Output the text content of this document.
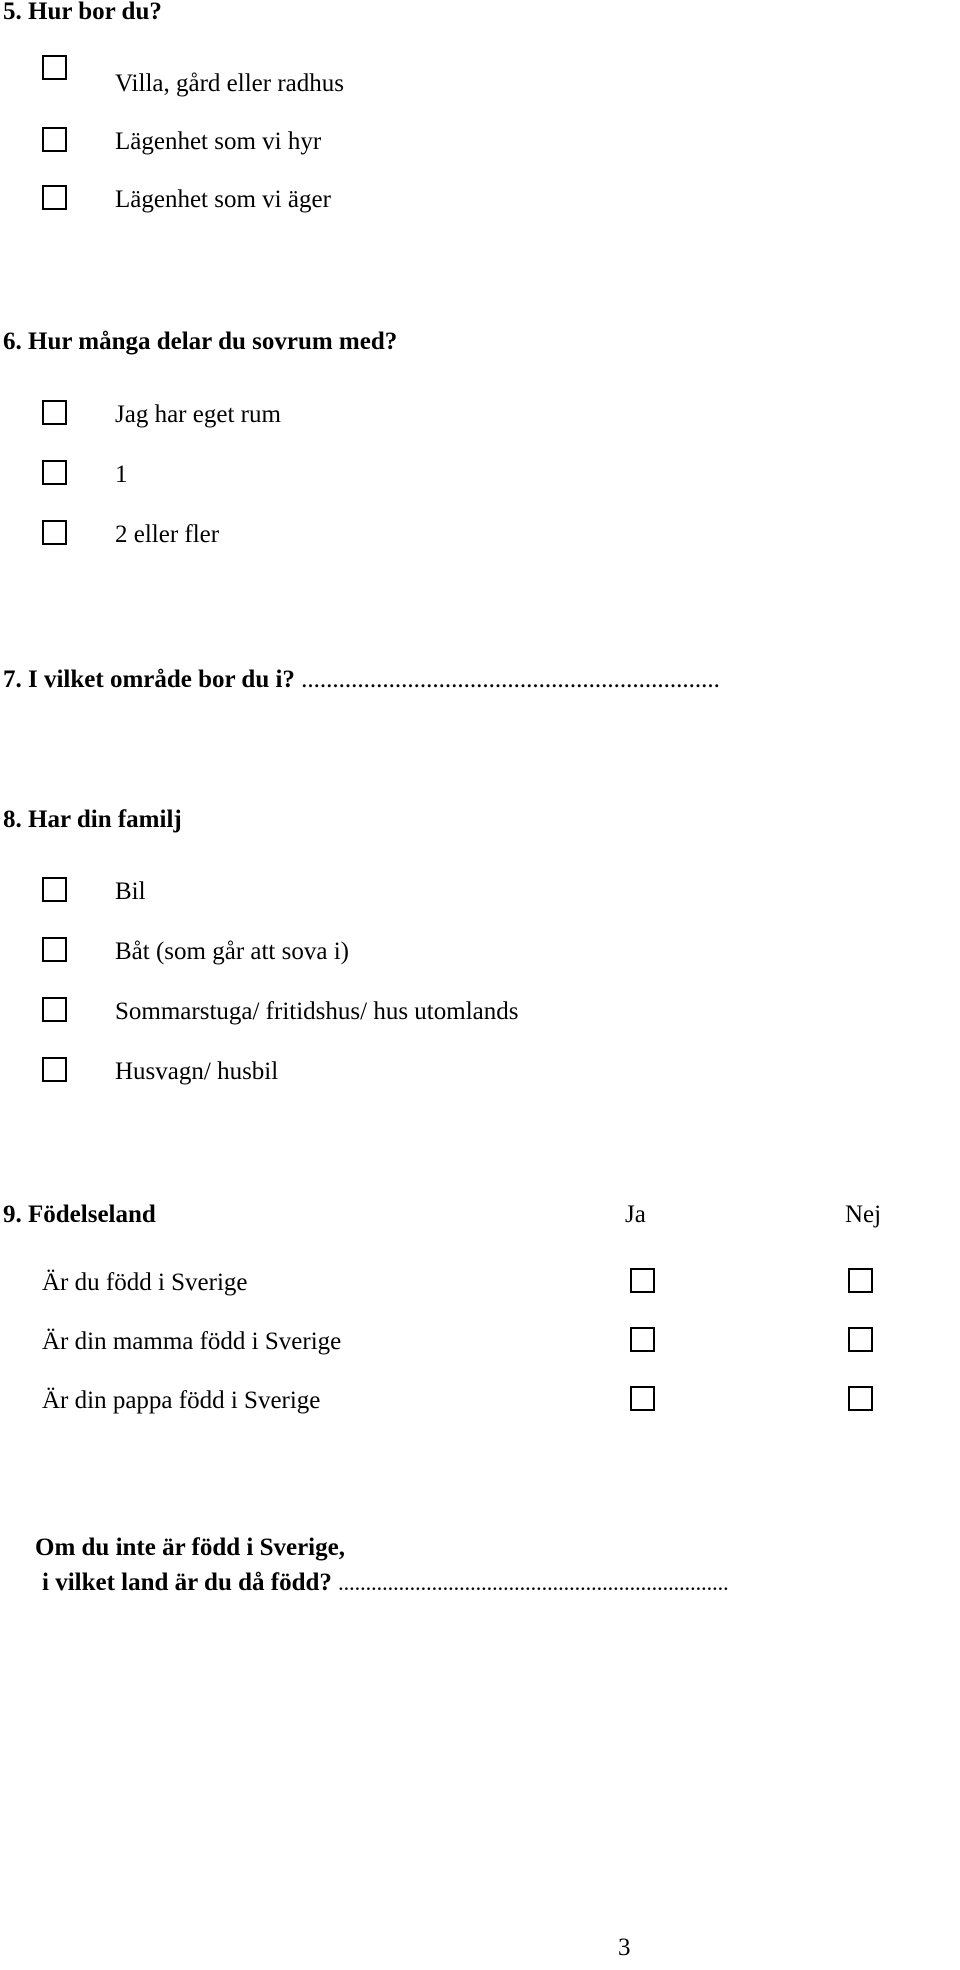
5. Hur bor du?
Villa, gård eller radhus
Lägenhet som vi hyr
Lägenhet som vi äger
6. Hur många delar du sovrum med?
Jag har eget rum
1
2 eller fler
7. I vilket område bor du i? ...................................................................
8. Har din familj
Bil
Båt (som går att sova i)
Sommarstuga/ fritidshus/ hus utomlands
Husvagn/ husbil
9. Födelseland	Ja	Nej
Är du född i Sverige
Är din mamma född i Sverige
Är din pappa född i Sverige
Om du inte är född i Sverige,
i vilket land är du då född? .......................................................................
3
